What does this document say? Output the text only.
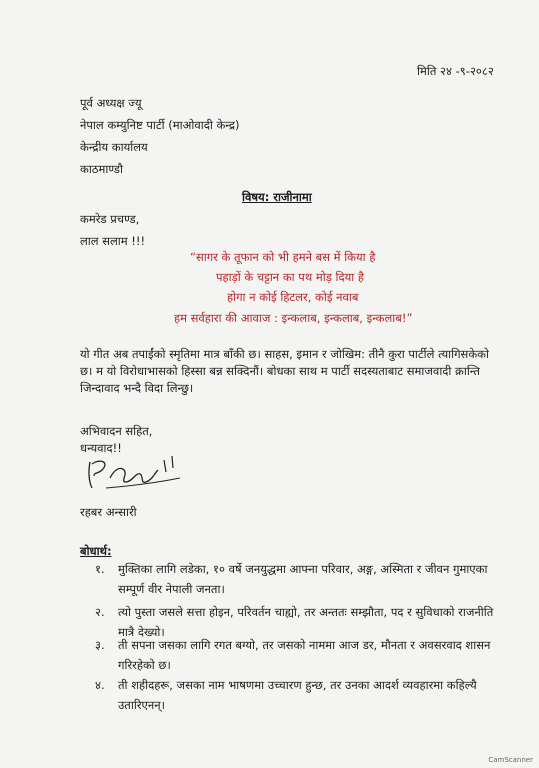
मिति २४ -९-२०८२
पूर्व अध्यक्ष ज्यू
नेपाल कम्युनिष्ट पार्टी (माओवादी केन्द्र)
केन्द्रीय कार्यालय
काठमाण्डौ
विषय: राजीनामा
कमरेड प्रचण्ड,
लाल सलाम !!!
“सागर के तूफान को भी हमने बस में किया है
पहाड़ों के चट्टान का पथ मोड़ दिया है
होगा न कोई हिटलर, कोई नवाब
हम सर्वहारा की आवाज : इन्कलाब, इन्कलाब, इन्कलाब!”
यो गीत अब तपाईंको स्मृतिमा मात्र बाँकी छ। साहस, इमान र जोखिम: तीनै कुरा पार्टीले त्यागिसकेको छ। म यो विरोधाभासको हिस्सा बन्न सक्दिनाैं। बोधका साथ म पार्टी सदस्यताबाट समाजवादी क्रान्ति जिन्दावाद भन्दै विदा लिन्छु।
अभिवादन सहित,
धन्यवाद!!
रहबर अन्सारी
बोधार्थ:
१. मुक्तिका लागि लडेका, १० वर्षे जनयुद्धमा आफ्ना परिवार, अङ्ग, अस्मिता र जीवन गुमाएका सम्पूर्ण वीर नेपाली जनता।
२. त्यो पुस्ता जसले सत्ता होइन, परिवर्तन चाह्यो, तर अन्ततः सम्झौता, पद र सुविधाको राजनीति मात्रै देख्यो।
३. ती सपना जसका लागि रगत बग्यो, तर जसको नाममा आज डर, मौनता र अवसरवाद शासन गरिरहेको छ।
४. ती शहीदहरू, जसका नाम भाषणमा उच्चारण हुन्छ, तर उनका आदर्श व्यवहारमा कहिल्यै उतारिएनन्।
CamScanner
